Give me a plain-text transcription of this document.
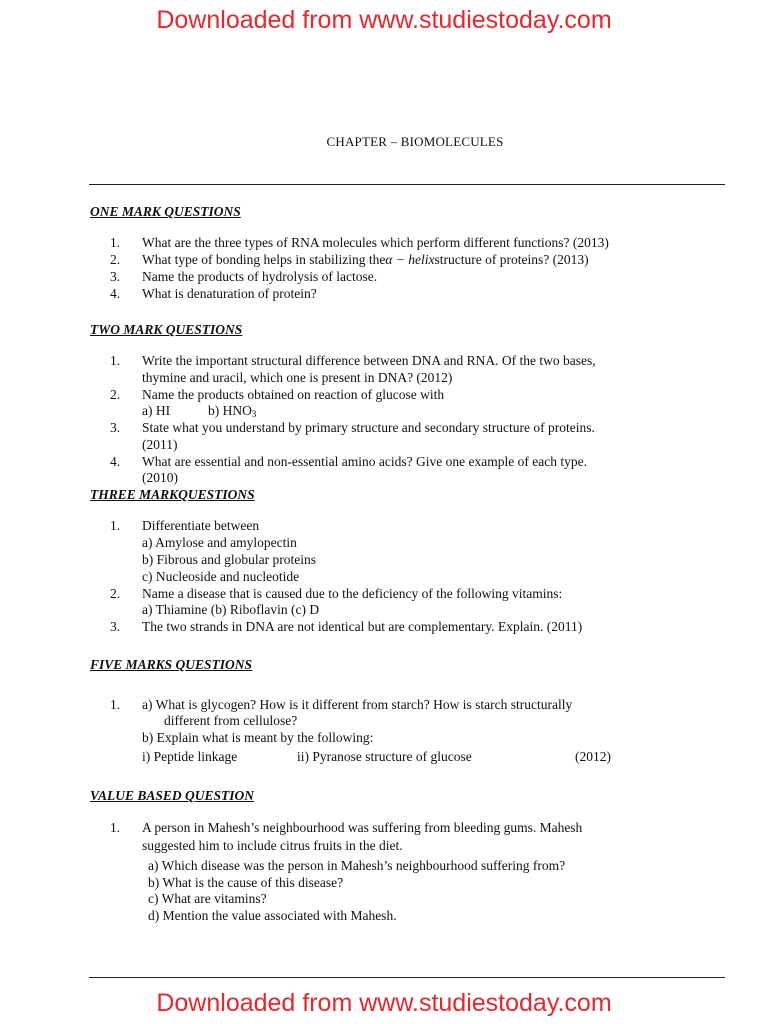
Downloaded from www.studiestoday.com
CHAPTER – BIOMOLECULES
ONE MARK QUESTIONS
1. What are the three types of RNA molecules which perform different functions? (2013)
2. What type of bonding helps in stabilizing theα − helixstructure of proteins? (2013)
3. Name the products of hydrolysis of lactose.
4. What is denaturation of protein?
TWO MARK QUESTIONS
1. Write the important structural difference between DNA and RNA. Of the two bases,
thymine and uracil, which one is present in DNA? (2012)
2. Name the products obtained on reaction of glucose with
a) HI	b) $HNO_3$
3. State what you understand by primary structure and secondary structure of proteins.
(2011)
4. What are essential and non-essential amino acids? Give one example of each type.
(2010)
THREE MARKQUESTIONS
1. Differentiate between
a) Amylose and amylopectin
b) Fibrous and globular proteins
c) Nucleoside and nucleotide
2. Name a disease that is caused due to the deficiency of the following vitamins:
a) Thiamine (b) Riboflavin (c) D
3. The two strands in DNA are not identical but are complementary. Explain. (2011)
FIVE MARKS QUESTIONS
1. a) What is glycogen? How is it different from starch? How is starch structurally
different from cellulose?
b) Explain what is meant by the following:
i) Peptide linkage	ii) Pyranose structure of glucose	(2012)
VALUE BASED QUESTION
1. A person in Mahesh’s neighbourhood was suffering from bleeding gums. Mahesh
suggested him to include citrus fruits in the diet.
a) Which disease was the person in Mahesh’s neighbourhood suffering from?
b) What is the cause of this disease?
c) What are vitamins?
d) Mention the value associated with Mahesh.
Downloaded from www.studiestoday.com
